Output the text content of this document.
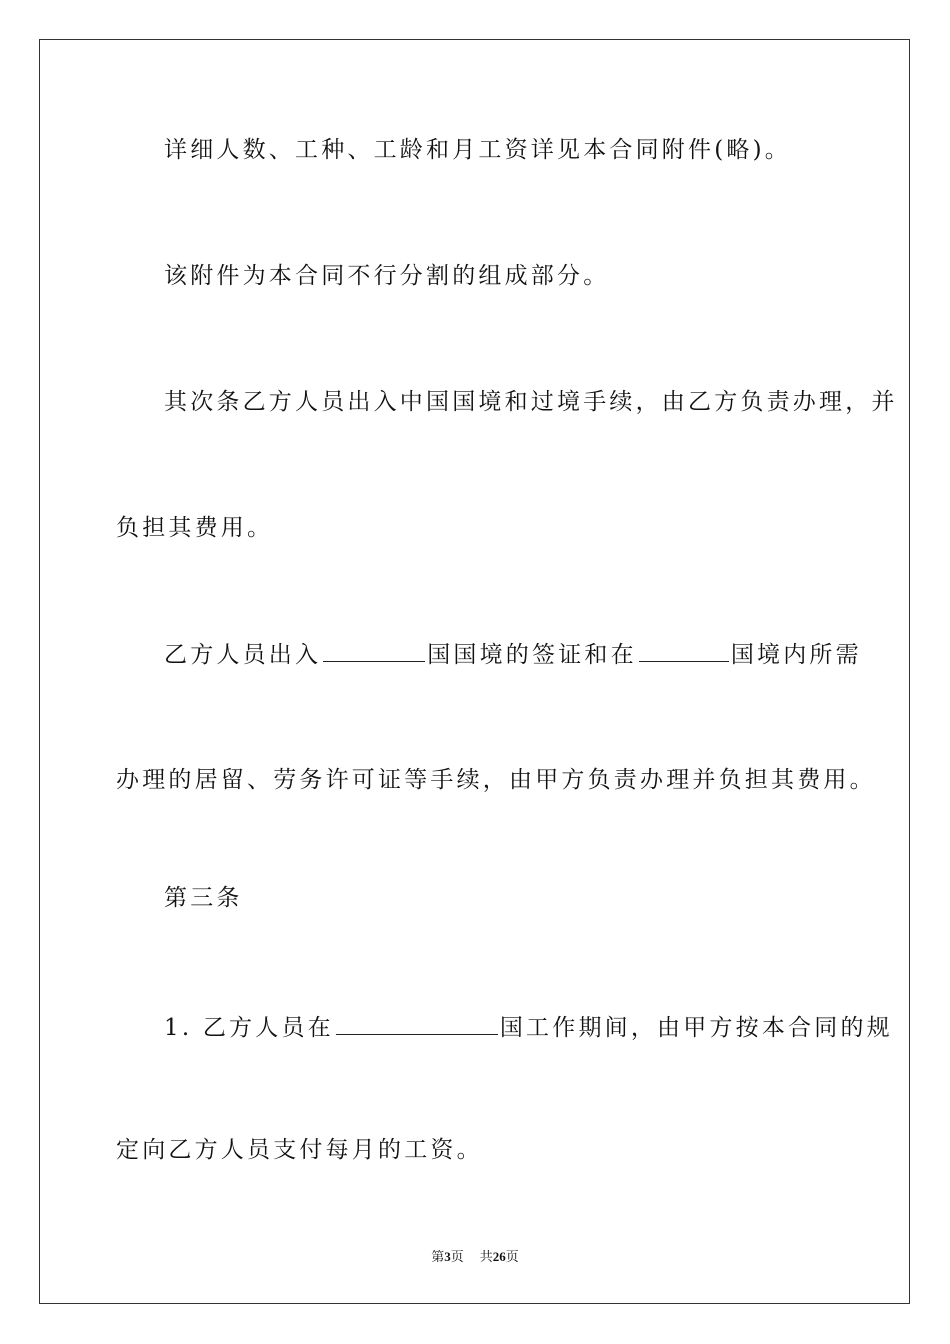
详细人数、工种、工龄和月工资详见本合同附件(略)。
该附件为本合同不行分割的组成部分。
其次条乙方人员出入中国国境和过境手续，由乙方负责办理，并
负担其费用。
乙方人员出入	国国境的签证和在	国境内所需
办理的居留、劳务许可证等手续，由甲方负责办理并负担其费用。
第三条
1. 乙方人员在	国工作期间，由甲方按本合同的规
定向乙方人员支付每月的工资。
第3页 共26页
